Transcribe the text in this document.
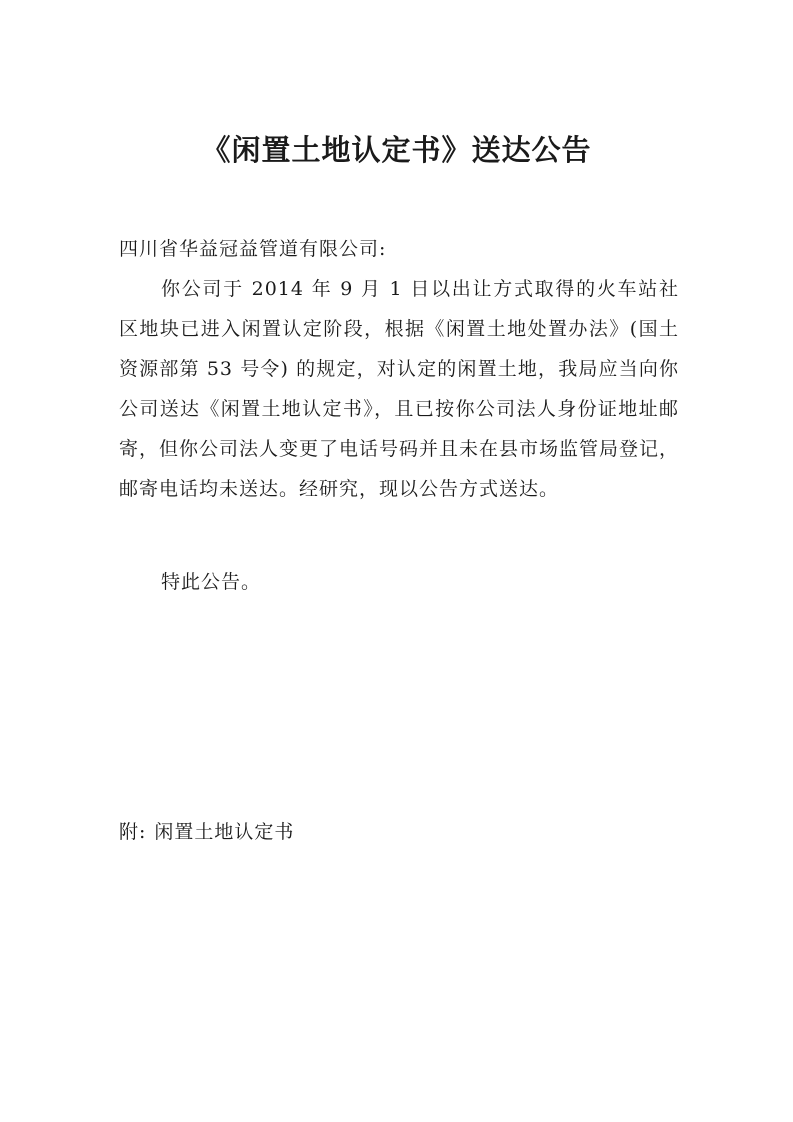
《闲置土地认定书》送达公告

四川省华益冠益管道有限公司:

你公司于 2014 年 9 月 1 日以出让方式取得的火车站社区地块已进入闲置认定阶段，根据《闲置土地处置办法》(国土资源部第 53 号令) 的规定，对认定的闲置土地，我局应当向你公司送达《闲置土地认定书》，且已按你公司法人身份证地址邮寄，但你公司法人变更了电话号码并且未在县市场监管局登记，邮寄电话均未送达。经研究，现以公告方式送达。

特此公告。

附: 闲置土地认定书
